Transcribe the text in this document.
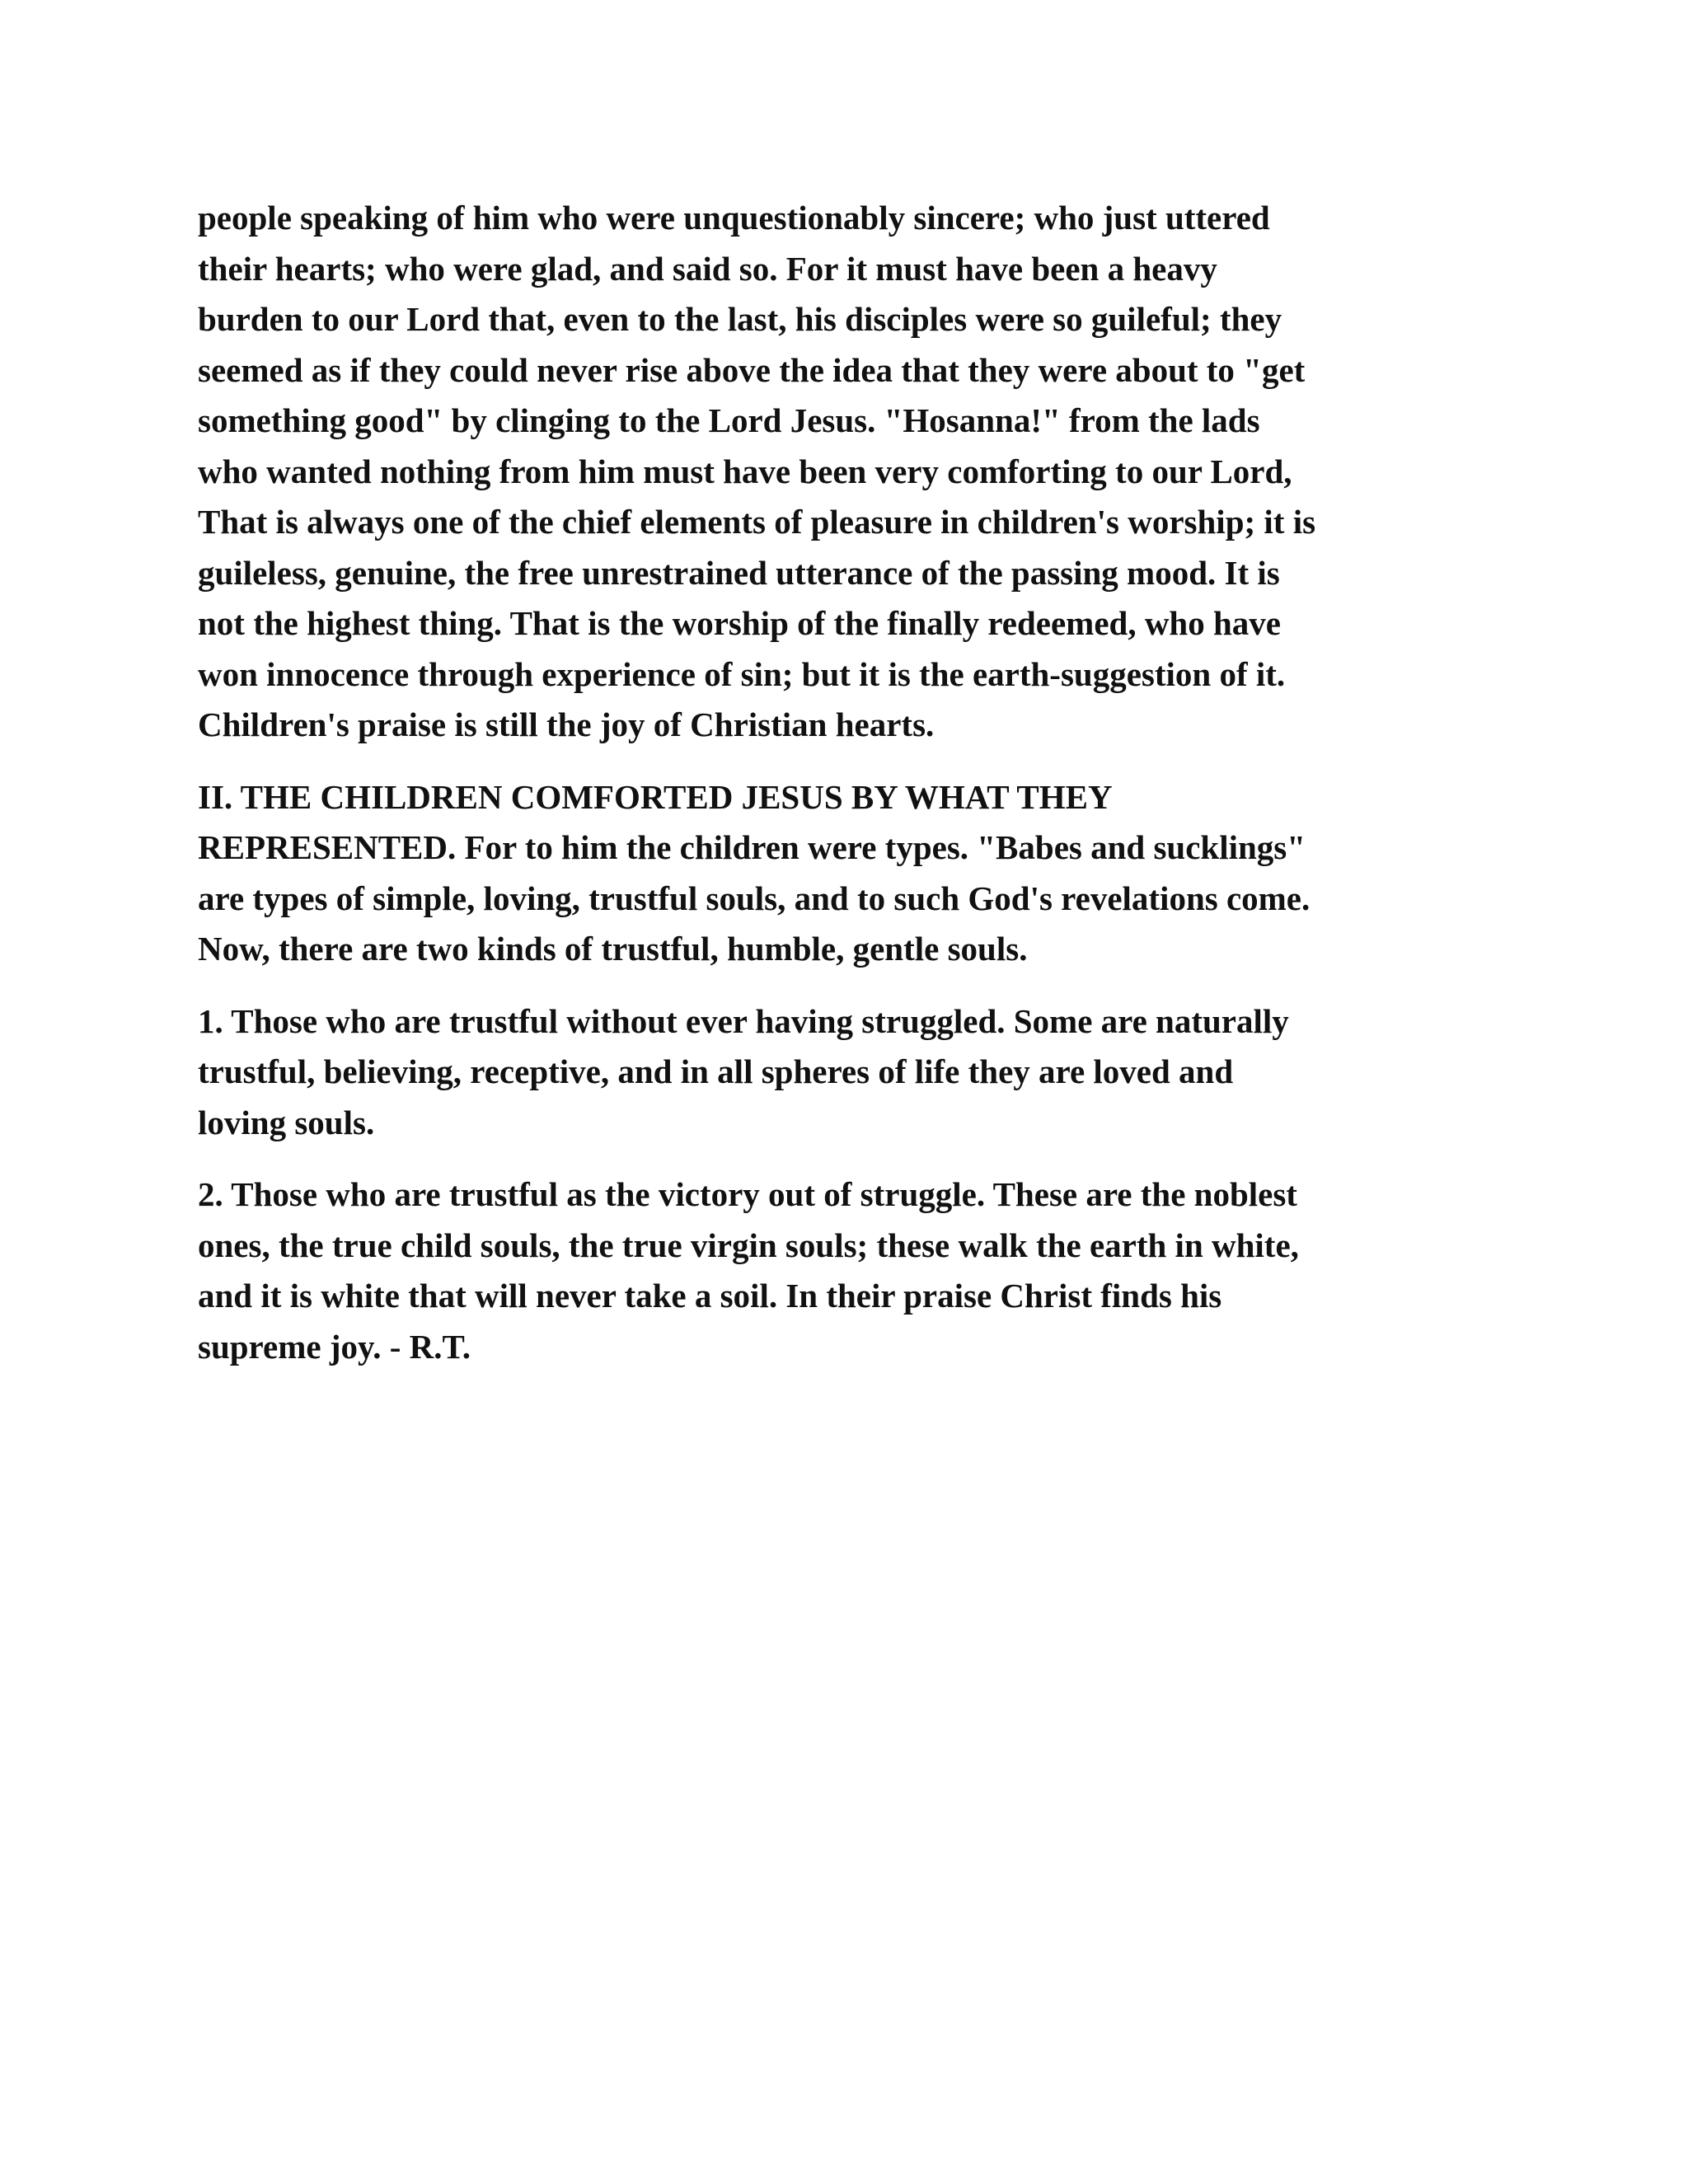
people speaking of him who were unquestionably sincere; who just uttered
their hearts; who were glad, and said so. For it must have been a heavy
burden to our Lord that, even to the last, his disciples were so guileful; they
seemed as if they could never rise above the idea that they were about to "get
something good" by clinging to the Lord Jesus. "Hosanna!" from the lads
who wanted nothing from him must have been very comforting to our Lord,
That is always one of the chief elements of pleasure in children's worship; it is
guileless, genuine, the free unrestrained utterance of the passing mood. It is
not the highest thing. That is the worship of the finally redeemed, who have
won innocence through experience of sin; but it is the earth-suggestion of it.
Children's praise is still the joy of Christian hearts.

II. THE CHILDREN COMFORTED JESUS BY WHAT THEY
REPRESENTED. For to him the children were types. "Babes and sucklings"
are types of simple, loving, trustful souls, and to such God's revelations come.
Now, there are two kinds of trustful, humble, gentle souls.

1. Those who are trustful without ever having struggled. Some are naturally
trustful, believing, receptive, and in all spheres of life they are loved and
loving souls.

2. Those who are trustful as the victory out of struggle. These are the noblest
ones, the true child souls, the true virgin souls; these walk the earth in white,
and it is white that will never take a soil. In their praise Christ finds his
supreme joy. - R.T.
